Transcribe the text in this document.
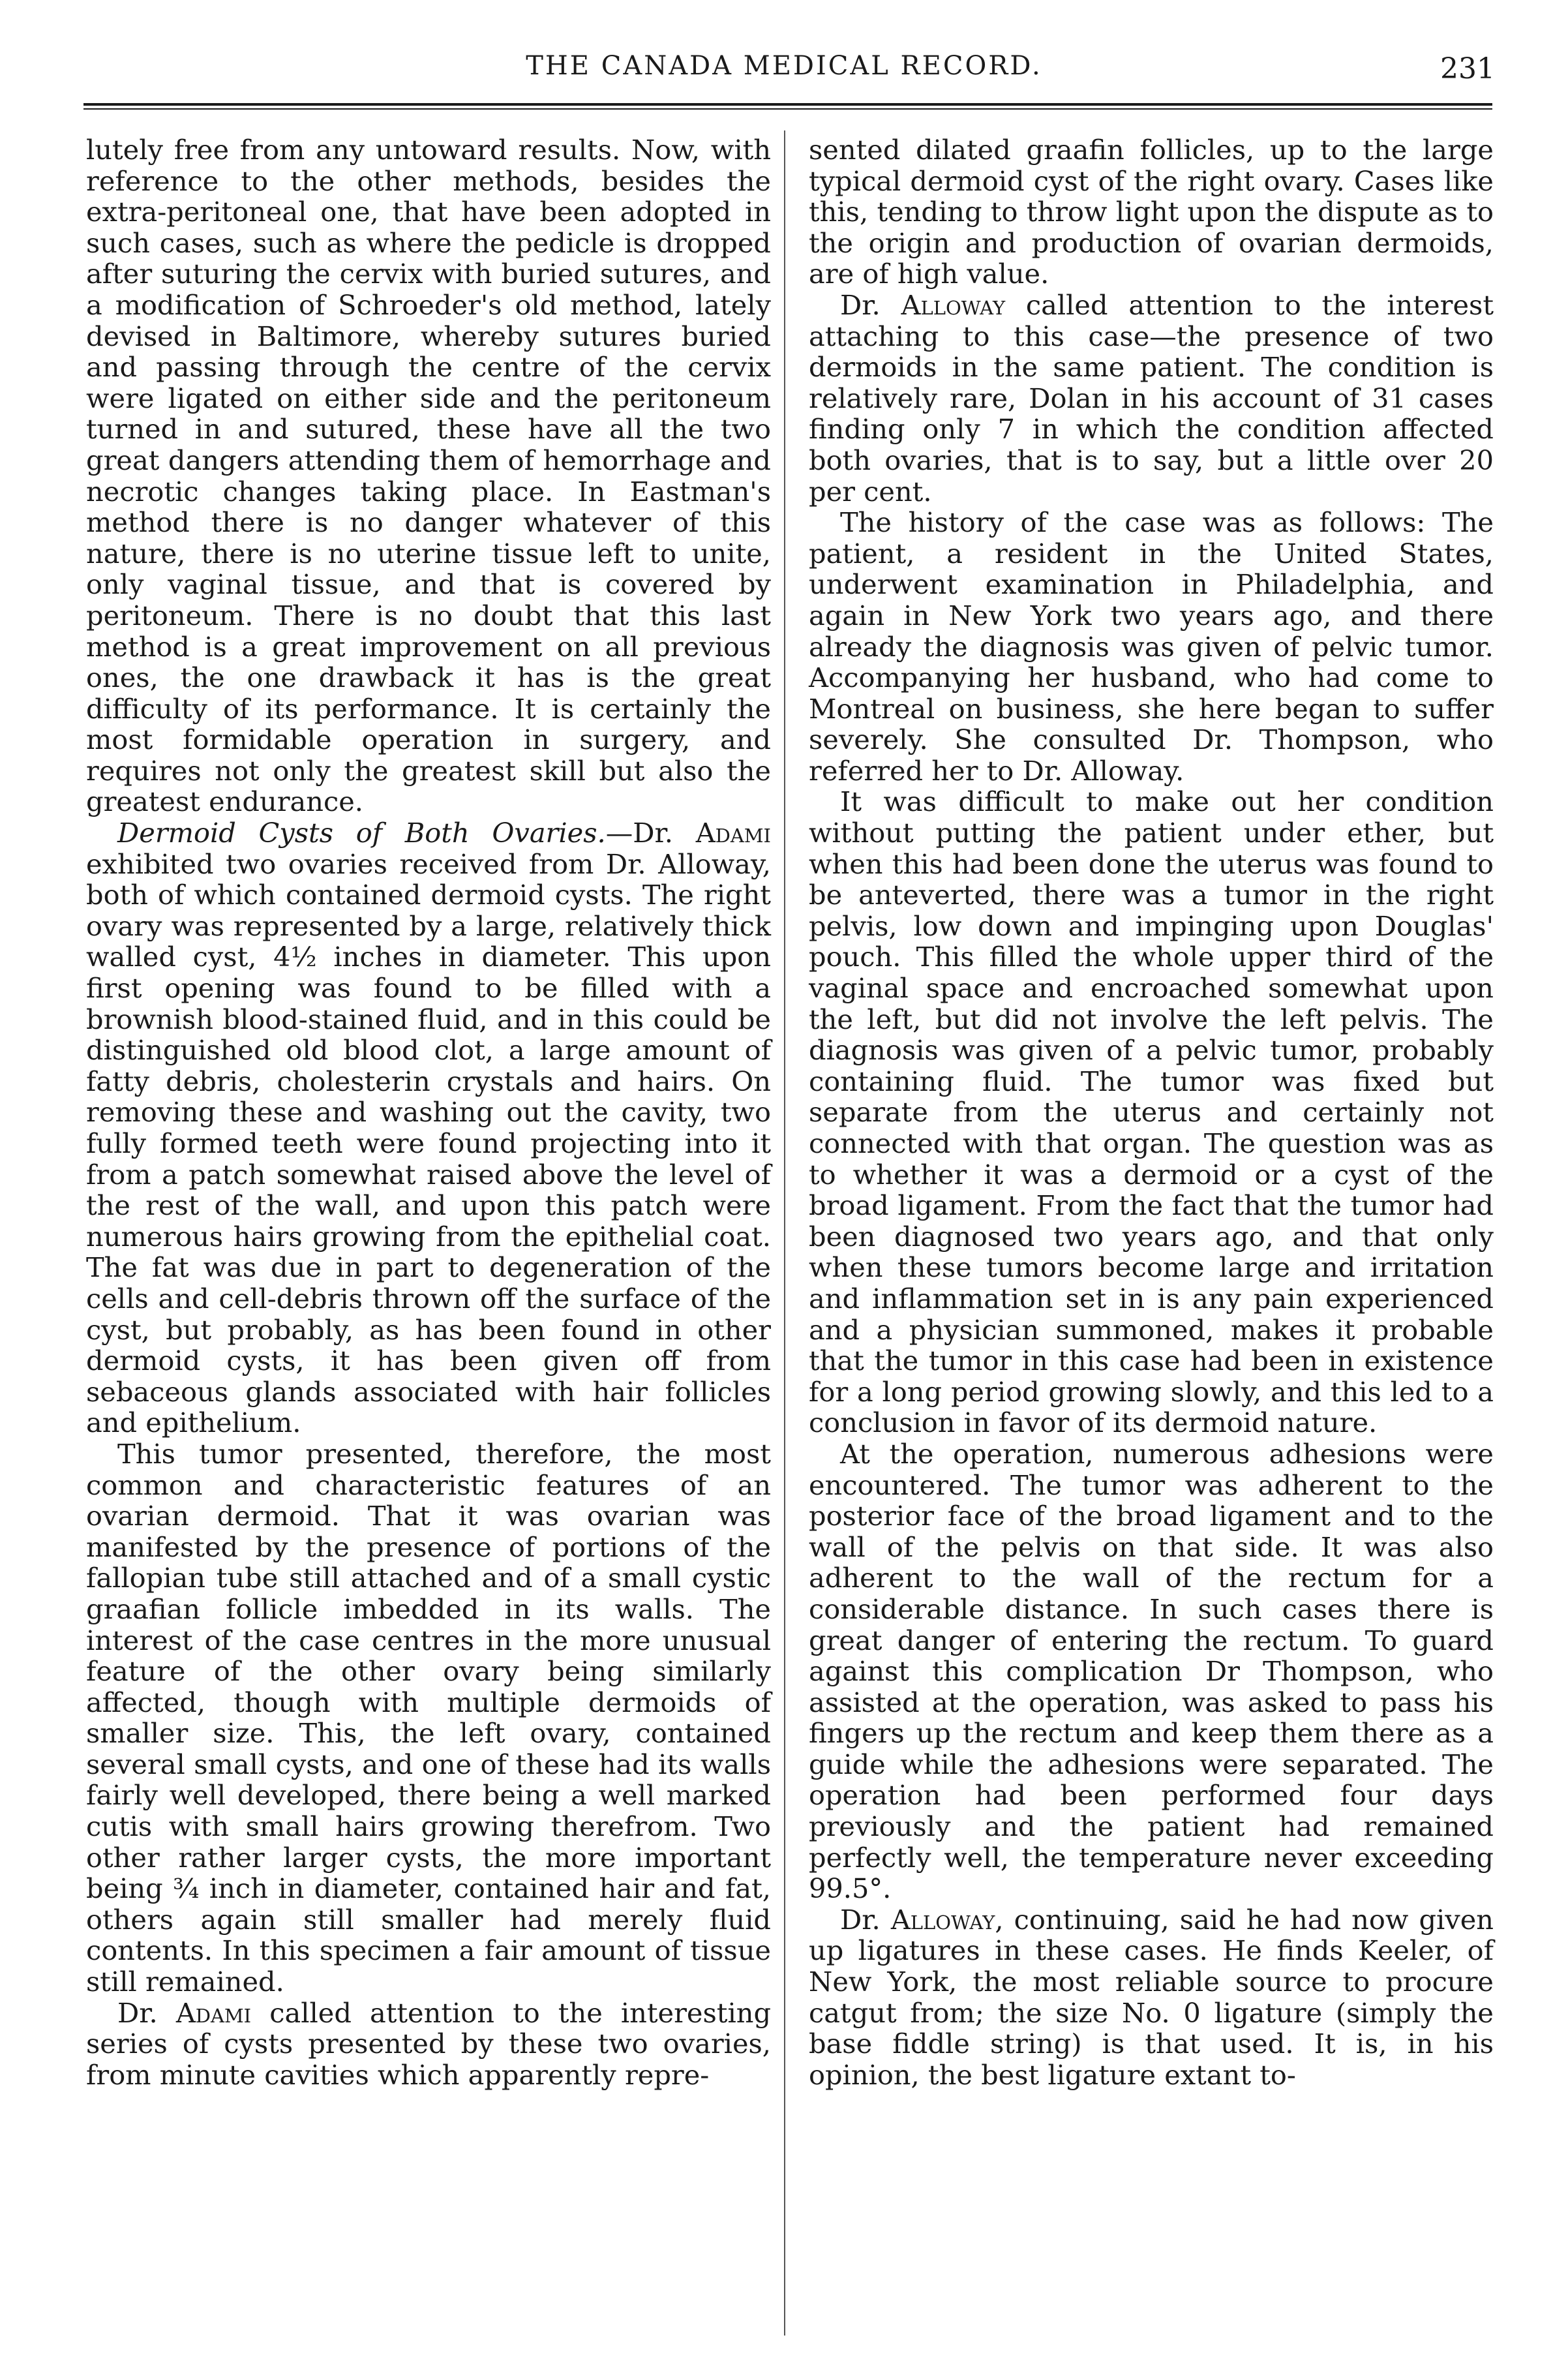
THE CANADA MEDICAL RECORD.	231

lutely free from any untoward results. Now, with reference to the other methods, besides the extra-peritoneal one, that have been adopted in such cases, such as where the pedicle is dropped after suturing the cervix with buried sutures, and a modification of Schroeder's old method, lately devised in Baltimore, whereby sutures buried and passing through the centre of the cervix were ligated on either side and the peritoneum turned in and sutured, these have all the two great dangers attending them of hemorrhage and necrotic changes taking place. In Eastman's method there is no danger whatever of this nature, there is no uterine tissue left to unite, only vaginal tissue, and that is covered by peritoneum. There is no doubt that this last method is a great improvement on all previous ones, the one drawback it has is the great difficulty of its performance. It is certainly the most formidable operation in surgery, and requires not only the greatest skill but also the greatest endurance.

Dermoid Cysts of Both Ovaries.—Dr. Adami exhibited two ovaries received from Dr. Alloway, both of which contained dermoid cysts. The right ovary was represented by a large, relatively thick walled cyst, 4½ inches in diameter. This upon first opening was found to be filled with a brownish blood-stained fluid, and in this could be distinguished old blood clot, a large amount of fatty debris, cholesterin crystals and hairs. On removing these and washing out the cavity, two fully formed teeth were found projecting into it from a patch somewhat raised above the level of the rest of the wall, and upon this patch were numerous hairs growing from the epithelial coat. The fat was due in part to degeneration of the cells and cell-debris thrown off the surface of the cyst, but probably, as has been found in other dermoid cysts, it has been given off from sebaceous glands associated with hair follicles and epithelium.

This tumor presented, therefore, the most common and characteristic features of an ovarian dermoid. That it was ovarian was manifested by the presence of portions of the fallopian tube still attached and of a small cystic graafian follicle imbedded in its walls. The interest of the case centres in the more unusual feature of the other ovary being similarly affected, though with multiple dermoids of smaller size. This, the left ovary, contained several small cysts, and one of these had its walls fairly well developed, there being a well marked cutis with small hairs growing therefrom. Two other rather larger cysts, the more important being ¾ inch in diameter, contained hair and fat, others again still smaller had merely fluid contents. In this specimen a fair amount of tissue still remained.

Dr. Adami called attention to the interesting series of cysts presented by these two ovaries, from minute cavities which apparently repre-

sented dilated graafin follicles, up to the large typical dermoid cyst of the right ovary. Cases like this, tending to throw light upon the dispute as to the origin and production of ovarian dermoids, are of high value.

Dr. Alloway called attention to the interest attaching to this case—the presence of two dermoids in the same patient. The condition is relatively rare, Dolan in his account of 31 cases finding only 7 in which the condition affected both ovaries, that is to say, but a little over 20 per cent.

The history of the case was as follows: The patient, a resident in the United States, underwent examination in Philadelphia, and again in New York two years ago, and there already the diagnosis was given of pelvic tumor. Accompanying her husband, who had come to Montreal on business, she here began to suffer severely. She consulted Dr. Thompson, who referred her to Dr. Alloway.

It was difficult to make out her condition without putting the patient under ether, but when this had been done the uterus was found to be anteverted, there was a tumor in the right pelvis, low down and impinging upon Douglas' pouch. This filled the whole upper third of the vaginal space and encroached somewhat upon the left, but did not involve the left pelvis. The diagnosis was given of a pelvic tumor, probably containing fluid. The tumor was fixed but separate from the uterus and certainly not connected with that organ. The question was as to whether it was a dermoid or a cyst of the broad ligament. From the fact that the tumor had been diagnosed two years ago, and that only when these tumors become large and irritation and inflammation set in is any pain experienced and a physician summoned, makes it probable that the tumor in this case had been in existence for a long period growing slowly, and this led to a conclusion in favor of its dermoid nature.

At the operation, numerous adhesions were encountered. The tumor was adherent to the posterior face of the broad ligament and to the wall of the pelvis on that side. It was also adherent to the wall of the rectum for a considerable distance. In such cases there is great danger of entering the rectum. To guard against this complication Dr Thompson, who assisted at the operation, was asked to pass his fingers up the rectum and keep them there as a guide while the adhesions were separated. The operation had been performed four days previously and the patient had remained perfectly well, the temperature never exceeding 99.5°.

Dr. Alloway, continuing, said he had now given up ligatures in these cases. He finds Keeler, of New York, the most reliable source to procure catgut from; the size No. 0 ligature (simply the base fiddle string) is that used. It is, in his opinion, the best ligature extant to-
